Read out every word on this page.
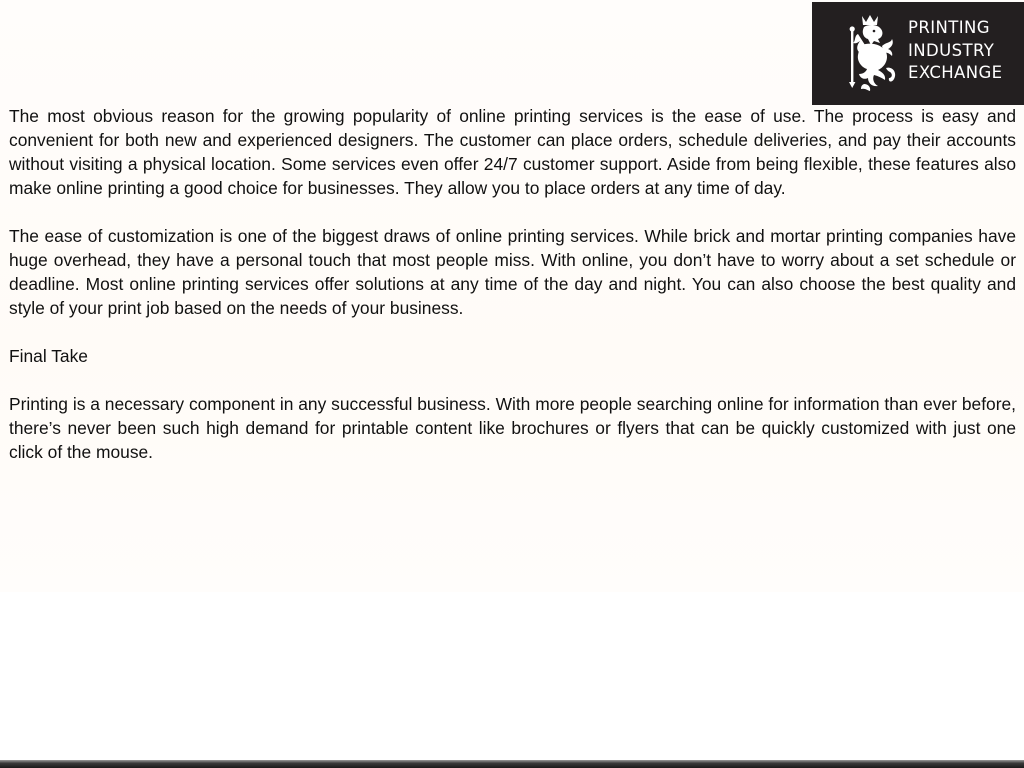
PRINTING
INDUSTRY
EXCHANGE

The most obvious reason for the growing popularity of online printing services is the ease of use. The process is easy and convenient for both new and experienced designers. The customer can place orders, schedule deliveries, and pay their accounts without visiting a physical location. Some services even offer 24/7 customer support. Aside from being flexible, these features also make online printing a good choice for businesses. They allow you to place orders at any time of day.

The ease of customization is one of the biggest draws of online printing services. While brick and mortar printing companies have huge overhead, they have a personal touch that most people miss. With online, you don’t have to worry about a set schedule or deadline. Most online printing services offer solutions at any time of the day and night. You can also choose the best quality and style of your print job based on the needs of your business.

Final Take

Printing is a necessary component in any successful business. With more people searching online for information than ever before, there’s never been such high demand for printable content like brochures or flyers that can be quickly customized with just one click of the mouse.
